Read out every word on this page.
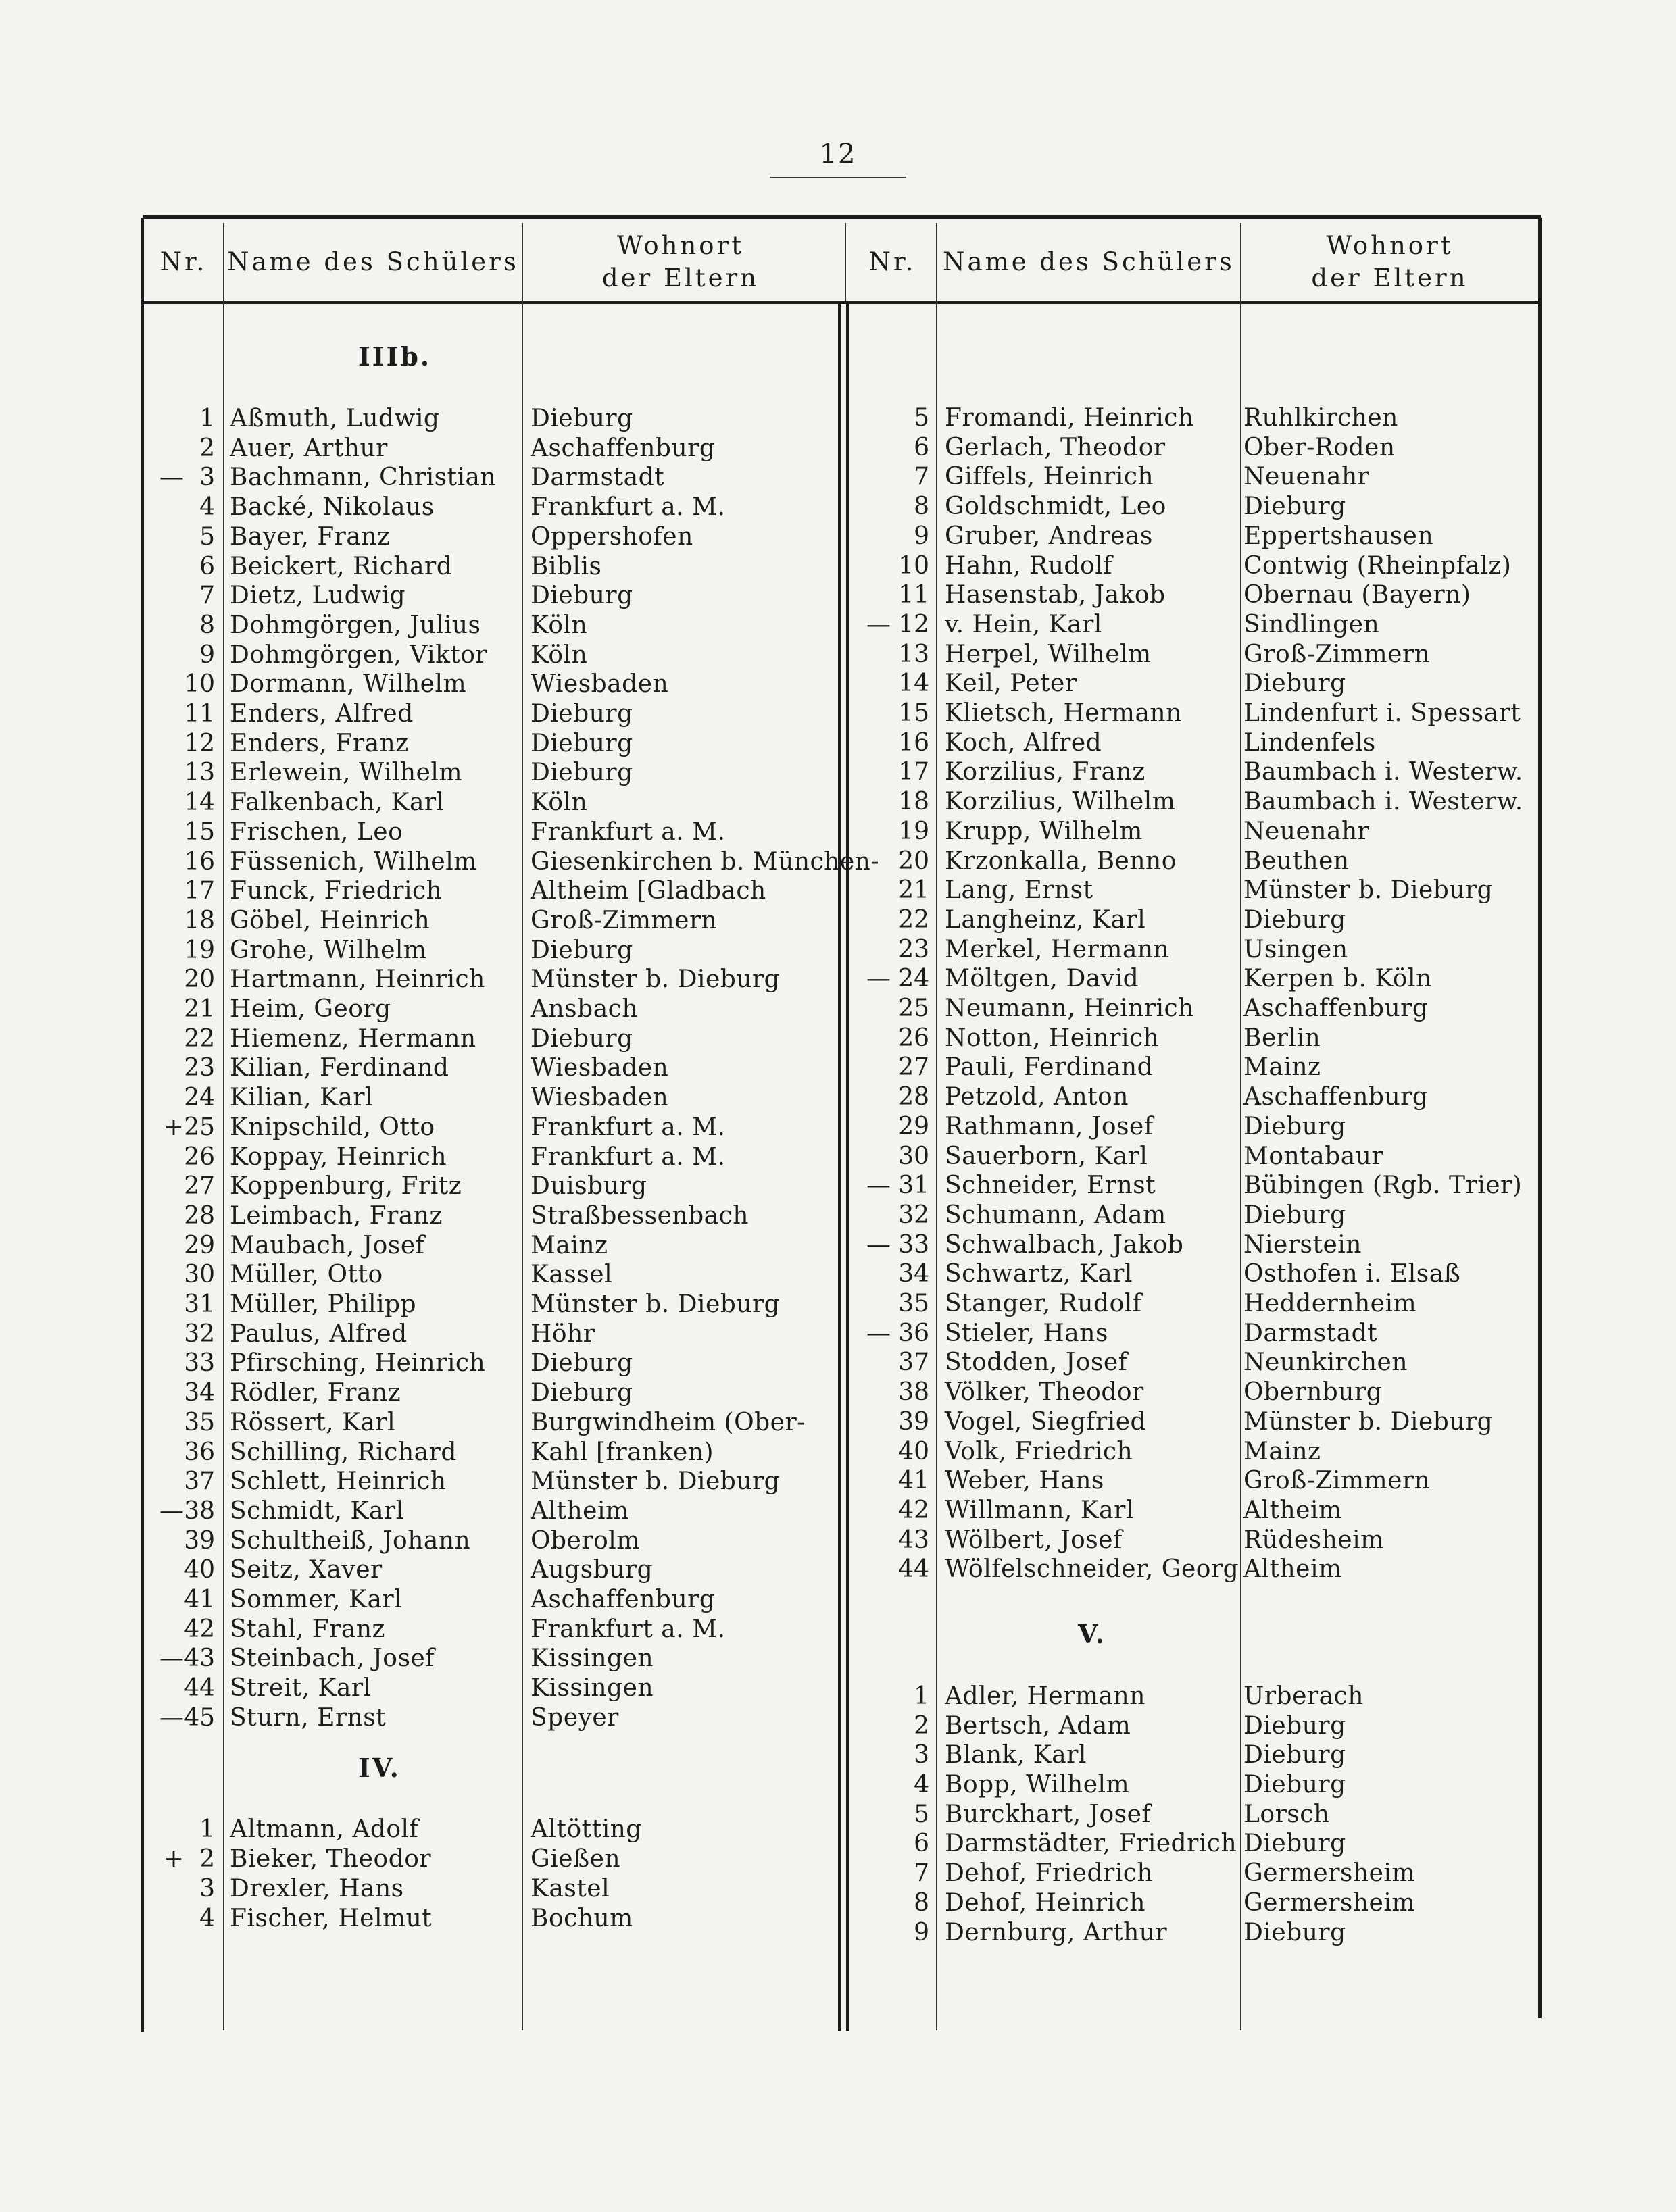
12
Nr. Name des Schülers
Wohnort
der Eltern
Nr. Name des Schülers
Wohnort
der Eltern
IIIb.
1 Aßmuth, Ludwig	Dieburg
2 Auer, Arthur	Aschaffenburg
— 3 Bachmann, Christian Darmstadt
4 Backé, Nikolaus	Frankfurt a. M.
5 Bayer, Franz	Oppershofen
6 Beickert, Richard	Biblis
7 Dietz, Ludwig	Dieburg
8 Dohmgörgen, Julius Köln
9 Dohmgörgen, Viktor Köln
10 Dormann, Wilhelm	Wiesbaden
11 Enders, Alfred	Dieburg
12 Enders, Franz	Dieburg
13 Erlewein, Wilhelm	Dieburg
14 Falkenbach, Karl	Köln
15 Frischen, Leo	Frankfurt a. M.
16 Füssenich, Wilhelm Giesenkirchen b. München-
17 Funck, Friedrich	Altheim [Gladbach
18 Göbel, Heinrich	Groß-Zimmern
19 Grohe, Wilhelm	Dieburg
20 Hartmann, Heinrich Münster b. Dieburg
21 Heim, Georg	Ansbach
22 Hiemenz, Hermann Dieburg
23 Kilian, Ferdinand	Wiesbaden
24 Kilian, Karl	Wiesbaden
+ 25 Knipschild, Otto	Frankfurt a. M.
26 Koppay, Heinrich	Frankfurt a. M.
27 Koppenburg, Fritz	Duisburg
28 Leimbach, Franz	Straßbessenbach
29 Maubach, Josef	Mainz
30 Müller, Otto	Kassel
31 Müller, Philipp	Münster b. Dieburg
32 Paulus, Alfred	Höhr
33 Pfirsching, Heinrich Dieburg
34 Rödler, Franz	Dieburg
35 Rössert, Karl	Burgwindheim (Ober-
36 Schilling, Richard	Kahl [franken)
37 Schlett, Heinrich	Münster b. Dieburg
— 38 Schmidt, Karl	Altheim
39 Schultheiß, Johann Oberolm
40 Seitz, Xaver	Augsburg
41 Sommer, Karl	Aschaffenburg
42 Stahl, Franz	Frankfurt a. M.
— 43 Steinbach, Josef	Kissingen
44 Streit, Karl	Kissingen
— 45 Sturn, Ernst	Speyer
IV.
1 Altmann, Adolf	Altötting
+ 2 Bieker, Theodor	Gießen
3 Drexler, Hans	Kastel
4 Fischer, Helmut	Bochum
5 Fromandi, Heinrich Ruhlkirchen
6 Gerlach, Theodor	Ober-Roden
7 Giffels, Heinrich	Neuenahr
8 Goldschmidt, Leo	Dieburg
9 Gruber, Andreas	Eppertshausen
10 Hahn, Rudolf	Contwig (Rheinpfalz)
11 Hasenstab, Jakob	Obernau (Bayern)
— 12 v. Hein, Karl	Sindlingen
13 Herpel, Wilhelm	Groß-Zimmern
14 Keil, Peter	Dieburg
15 Klietsch, Hermann	Lindenfurt i. Spessart
16 Koch, Alfred	Lindenfels
17 Korzilius, Franz	Baumbach i. Westerw.
18 Korzilius, Wilhelm	Baumbach i. Westerw.
19 Krupp, Wilhelm	Neuenahr
20 Krzonkalla, Benno	Beuthen
21 Lang, Ernst	Münster b. Dieburg
22 Langheinz, Karl	Dieburg
23 Merkel, Hermann	Usingen
— 24 Möltgen, David	Kerpen b. Köln
25 Neumann, Heinrich Aschaffenburg
26 Notton, Heinrich	Berlin
27 Pauli, Ferdinand	Mainz
28 Petzold, Anton	Aschaffenburg
29 Rathmann, Josef	Dieburg
30 Sauerborn, Karl	Montabaur
— 31 Schneider, Ernst	Bübingen (Rgb. Trier)
32 Schumann, Adam	Dieburg
— 33 Schwalbach, Jakob Nierstein
34 Schwartz, Karl	Osthofen i. Elsaß
35 Stanger, Rudolf	Heddernheim
— 36 Stieler, Hans	Darmstadt
37 Stodden, Josef	Neunkirchen
38 Völker, Theodor	Obernburg
39 Vogel, Siegfried	Münster b. Dieburg
40 Volk, Friedrich	Mainz
41 Weber, Hans	Groß-Zimmern
42 Willmann, Karl	Altheim
43 Wölbert, Josef	Rüdesheim
44 Wölfelschneider, Georg Altheim
V.
1 Adler, Hermann	Urberach
2 Bertsch, Adam	Dieburg
3 Blank, Karl	Dieburg
4 Bopp, Wilhelm	Dieburg
5 Burckhart, Josef	Lorsch
6 Darmstädter, Friedrich Dieburg
7 Dehof, Friedrich	Germersheim
8 Dehof, Heinrich	Germersheim
9 Dernburg, Arthur	Dieburg
